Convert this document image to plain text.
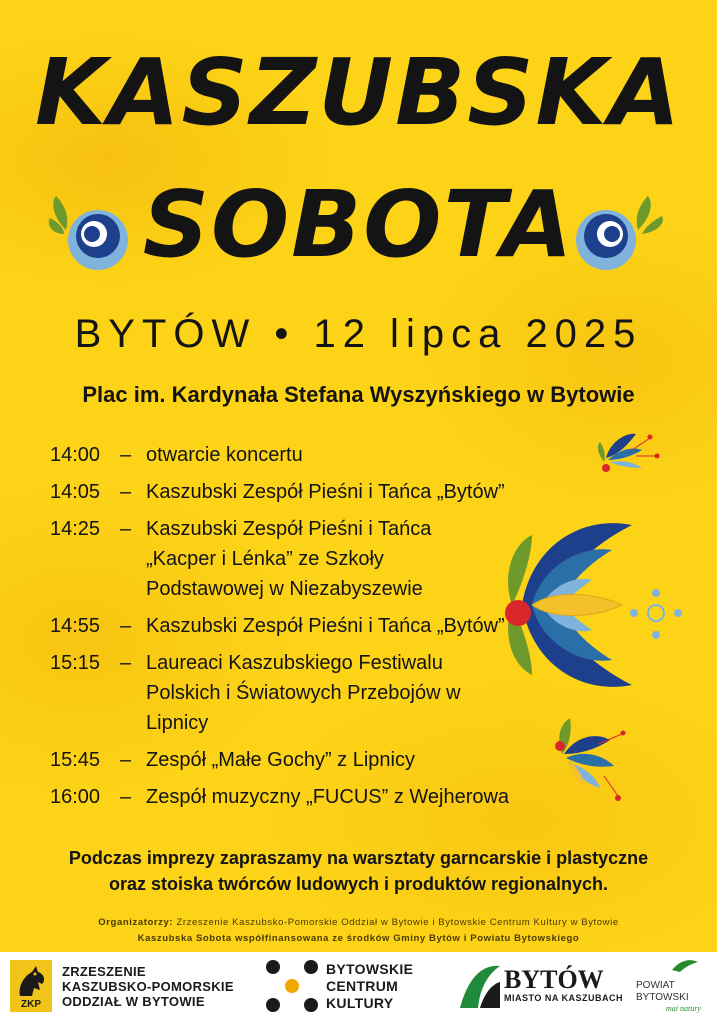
KASZUBSKA
SOBOTA

BYTÓW • 12 lipca 2025

Plac im. Kardynała Stefana Wyszyńskiego w Bytowie

14:00 – otwarcie koncertu
14:05 – Kaszubski Zespół Pieśni i Tańca „Bytów”
14:25 – Kaszubski Zespół Pieśni i Tańca
„Kacper i Lénka” ze Szkoły
Podstawowej w Niezabyszewie
14:55 – Kaszubski Zespół Pieśni i Tańca „Bytów”
15:15 – Laureaci Kaszubskiego Festiwalu
Polskich i Światowych Przebojów w Lipnicy
15:45 – Zespół „Małe Gochy” z Lipnicy
16:00 – Zespół muzyczny „FUCUS” z Wejherowa
Podczas imprezy zapraszamy na warsztaty garncarskie i plastyczne
oraz stoiska twórców ludowych i produktów regionalnych.

Organizatorzy: Zrzeszenie Kaszubsko-Pomorskie Oddział w Bytowie i Bytowskie Centrum Kultury w Bytowie

Kaszubska Sobota współfinansowana ze środków Gminy Bytów i Powiatu Bytowskiego

ZKP
ZRZESZENIE
KASZUBSKO-POMORSKIE
ODDZIAŁ W BYTOWIE
BYTOWSKIE
CENTRUM
KULTURY
BYTÓW
MIASTO NA KASZUBACH
POWIAT
BYTOWSKI
mai natury
